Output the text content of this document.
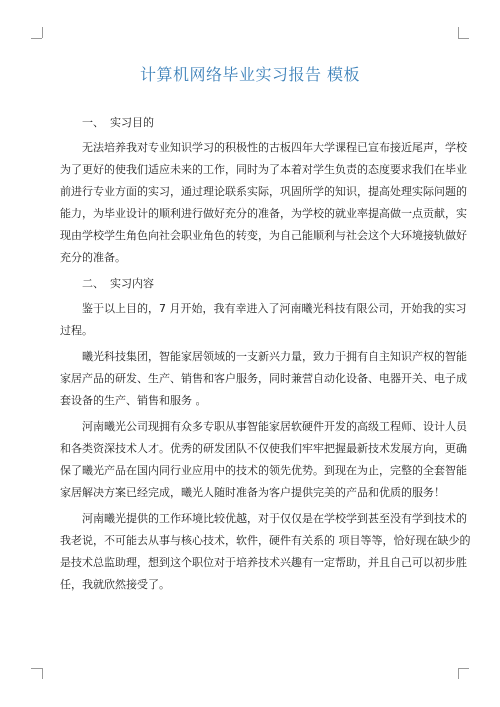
计算机网络毕业实习报告 模板
一、 实习目的
无法培养我对专业知识学习的积极性的古板四年大学课程已宣布接近尾声，学校
为了更好的使我们适应未来的工作，同时为了本着对学生负责的态度要求我们在毕业
前进行专业方面的实习，通过理论联系实际，巩固所学的知识，提高处理实际问题的
能力，为毕业设计的顺利进行做好充分的准备，为学校的就业率提高做一点贡献，实
现由学校学生角色向社会职业角色的转变，为自己能顺利与社会这个大环境接轨做好
充分的准备。
二、 实习内容
鉴于以上目的，7 月开始，我有幸进入了河南曦光科技有限公司，开始我的实习
过程。
曦光科技集团，智能家居领域的一支新兴力量，致力于拥有自主知识产权的智能
家居产品的研发、生产、销售和客户服务，同时兼营自动化设备、电器开关、电子成
套设备的生产、销售和服务 。
河南曦光公司现拥有众多专职从事智能家居软硬件开发的高级工程师、设计人员
和各类资深技术人才。优秀的研发团队不仅使我们牢牢把握最新技术发展方向，更确
保了曦光产品在国内同行业应用中的技术的领先优势。到现在为止，完整的全套智能
家居解决方案已经完成，曦光人随时准备为客户提供完美的产品和优质的服务！
河南曦光提供的工作环境比较优越，对于仅仅是在学校学到甚至没有学到技术的
我老说，不可能去从事与核心技术，软件，硬件有关系的 项目等等，恰好现在缺少的
是技术总监助理，想到这个职位对于培养技术兴趣有一定帮助，并且自己可以初步胜
任，我就欣然接受了。
